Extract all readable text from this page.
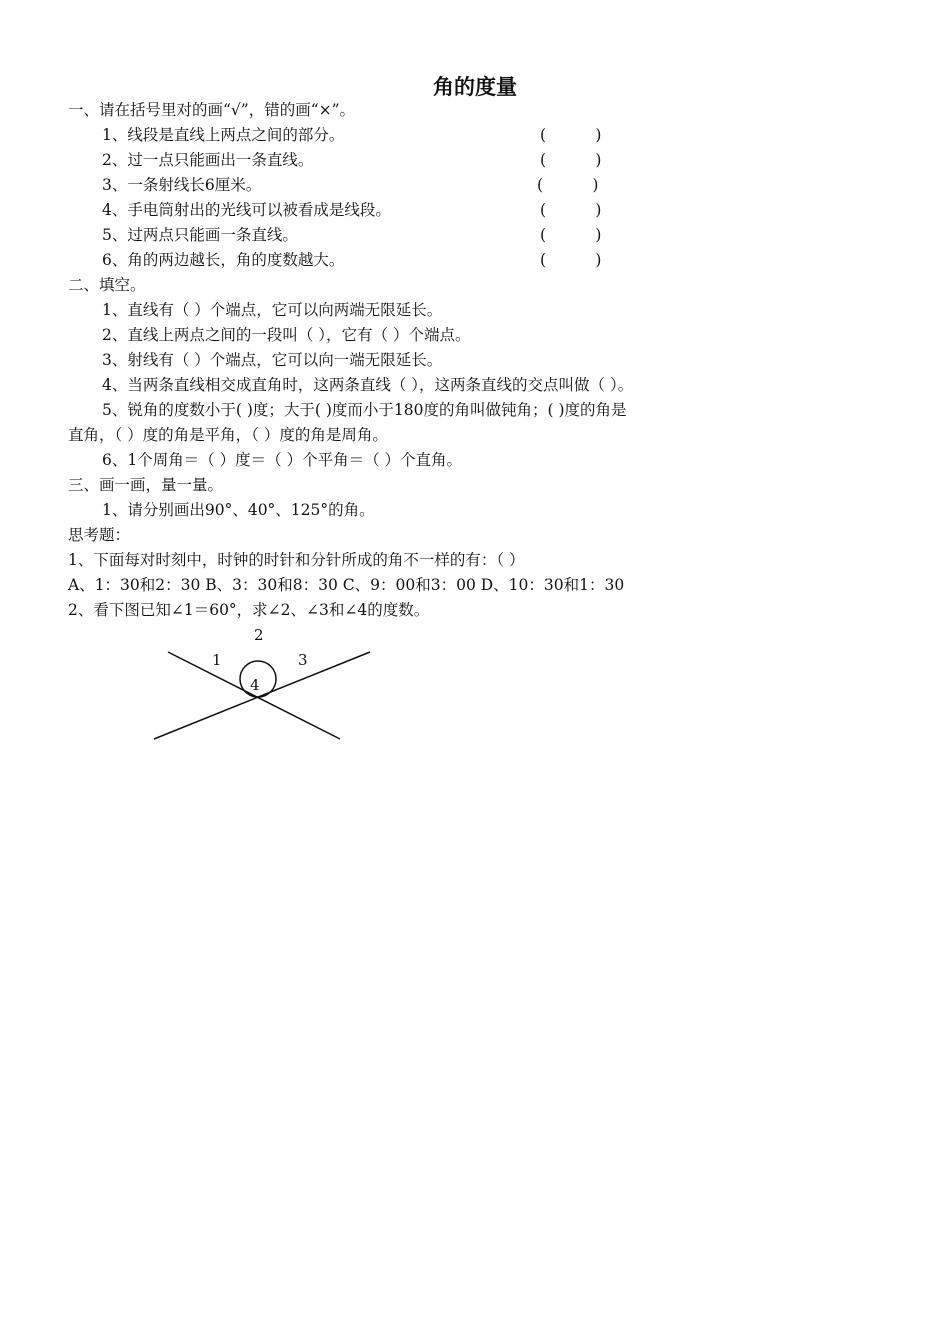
角的度量
一、请在括号里对的画“√”，错的画“×”。
1、线段是直线上两点之间的部分。	(          )
2、过一点只能画出一条直线。	(          )
3、一条射线长6厘米。	(          )
4、手电筒射出的光线可以被看成是线段。	(          )
5、过两点只能画一条直线。	(          )
6、角的两边越长，角的度数越大。	(          )
二、填空。
1、直线有（ ）个端点，它可以向两端无限延长。
2、直线上两点之间的一段叫（ ），它有（ ）个端点。
3、射线有（ ）个端点，它可以向一端无限延长。
4、当两条直线相交成直角时，这两条直线（ ），这两条直线的交点叫做（ ）。
5、锐角的度数小于( )度；大于( )度而小于180度的角叫做钝角；( )度的角是
直角，（ ）度的角是平角，（ ）度的角是周角。
6、1个周角＝（ ）度＝（ ）个平角＝（ ）个直角。
三、画一画，量一量。
1、请分别画出90°、40°、125°的角。
思考题：
1、下面每对时刻中，时钟的时针和分针所成的角不一样的有：（ ）
A、1：30和2：30 B、3：30和8：30 C、9：00和3：00 D、10：30和1：30
2、看下图已知∠1＝60°，求∠2、∠3和∠4的度数。
1
2
3
4
